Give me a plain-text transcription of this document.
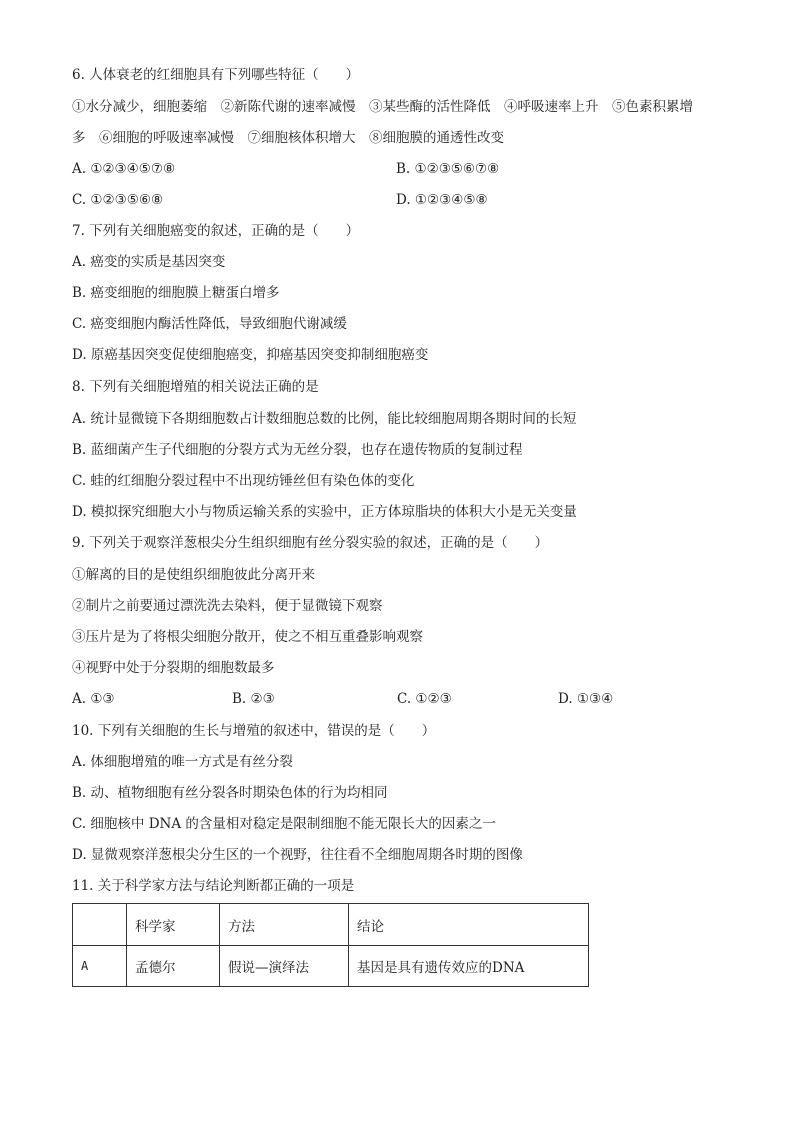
6. 人体衰老的红细胞具有下列哪些特征（　　）
①水分减少，细胞萎缩　②新陈代谢的速率减慢　③某些酶的活性降低　④呼吸速率上升　⑤色素积累增
多　⑥细胞的呼吸速率减慢　⑦细胞核体积增大　⑧细胞膜的通透性改变
A. ①②③④⑤⑦⑧	B. ①②③⑤⑥⑦⑧
C. ①②③⑤⑥⑧	D. ①②③④⑤⑧
7. 下列有关细胞癌变的叙述，正确的是（　　）
A. 癌变的实质是基因突变
B. 癌变细胞的细胞膜上糖蛋白增多
C. 癌变细胞内酶活性降低，导致细胞代谢减缓
D. 原癌基因突变促使细胞癌变，抑癌基因突变抑制细胞癌变
8. 下列有关细胞增殖的相关说法正确的是
A. 统计显微镜下各期细胞数占计数细胞总数的比例，能比较细胞周期各期时间的长短
B. 蓝细菌产生子代细胞的分裂方式为无丝分裂，也存在遗传物质的复制过程
C. 蛙的红细胞分裂过程中不出现纺锤丝但有染色体的变化
D. 模拟探究细胞大小与物质运输关系的实验中，正方体琼脂块的体积大小是无关变量
9. 下列关于观察洋葱根尖分生组织细胞有丝分裂实验的叙述，正确的是（　　）
①解离的目的是使组织细胞彼此分离开来
②制片之前要通过漂洗洗去染料，便于显微镜下观察
③压片是为了将根尖细胞分散开，使之不相互重叠影响观察
④视野中处于分裂期的细胞数最多
A. ①③	B. ②③	C. ①②③	D. ①③④
10. 下列有关细胞的生长与增殖的叙述中，错误的是（　　）
A. 体细胞增殖的唯一方式是有丝分裂
B. 动、植物细胞有丝分裂各时期染色体的行为均相同
C. 细胞核中 DNA 的含量相对稳定是限制细胞不能无限长大的因素之一
D. 显微观察洋葱根尖分生区的一个视野，往往看不全细胞周期各时期的图像
11. 关于科学家方法与结论判断都正确的一项是
	科学家	方法	结论
A	孟德尔	假说—演绎法	基因是具有遗传效应的DNA
